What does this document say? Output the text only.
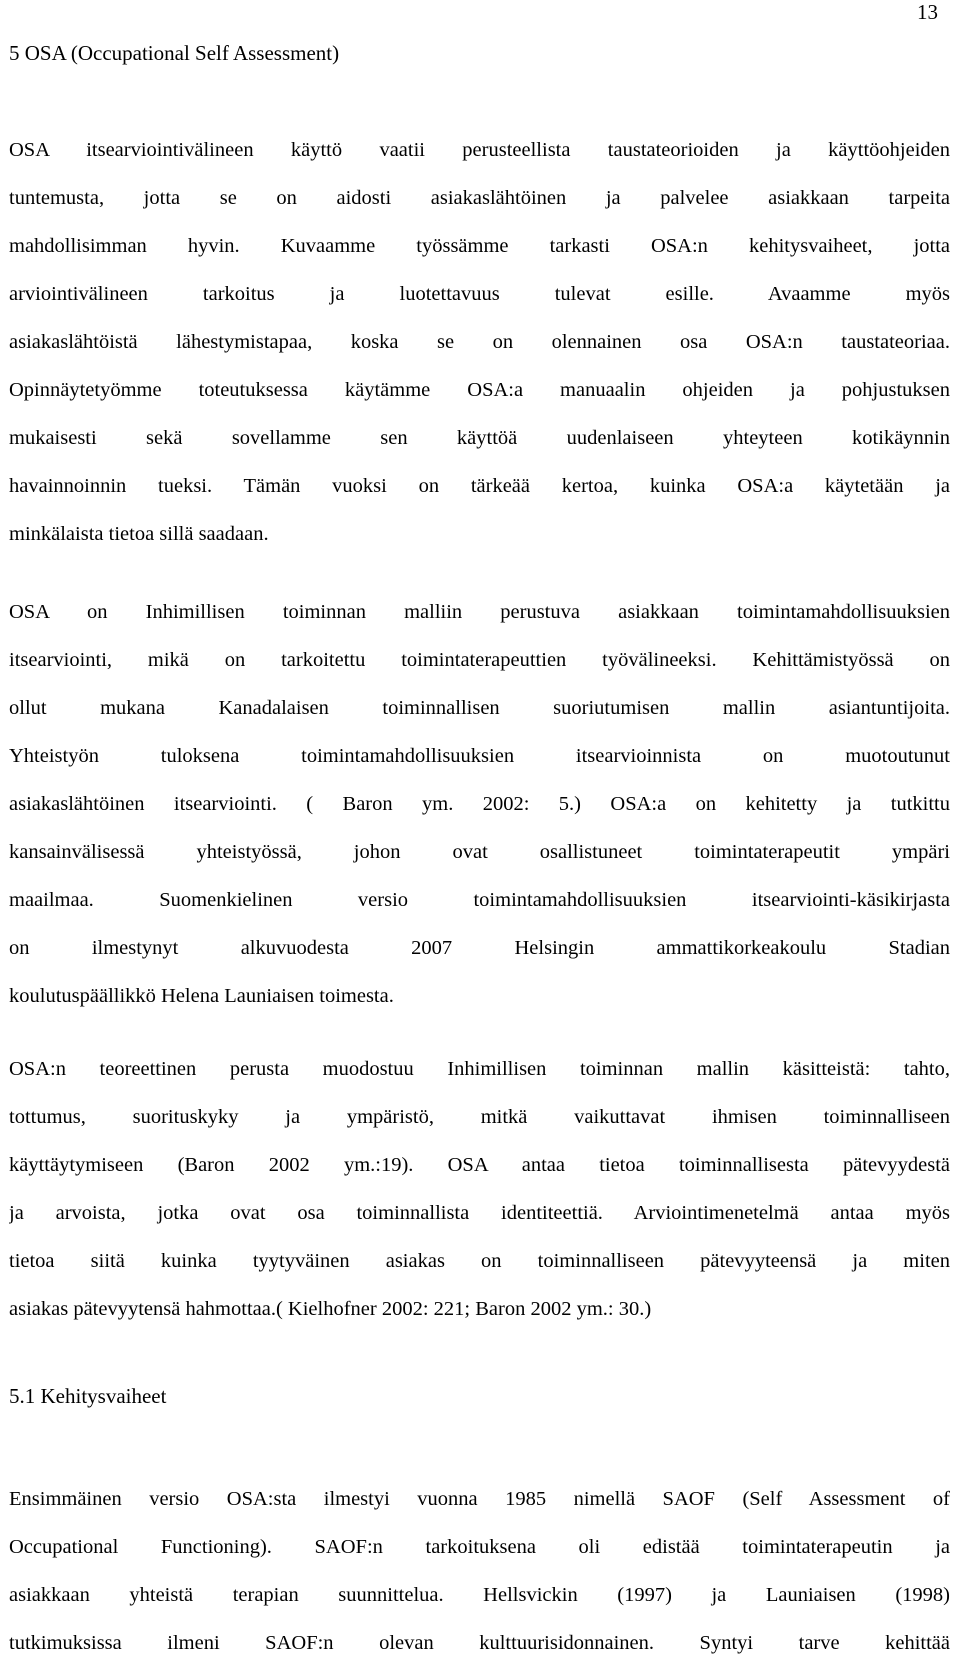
13
5 OSA (Occupational Self Assessment)
OSA itsearviointivälineen käyttö vaatii perusteellista taustateorioiden ja käyttöohjeiden
tuntemusta, jotta se on aidosti asiakaslähtöinen ja palvelee asiakkaan tarpeita
mahdollisimman hyvin. Kuvaamme työssämme tarkasti OSA:n kehitysvaiheet, jotta
arviointivälineen tarkoitus ja luotettavuus tulevat esille. Avaamme myös
asiakaslähtöistä lähestymistapaa, koska se on olennainen osa OSA:n taustateoriaa.
Opinnäytetyömme toteutuksessa käytämme OSA:a manuaalin ohjeiden ja pohjustuksen
mukaisesti sekä sovellamme sen käyttöä uudenlaiseen yhteyteen kotikäynnin
havainnoinnin tueksi. Tämän vuoksi on tärkeää kertoa, kuinka OSA:a käytetään ja
minkälaista tietoa sillä saadaan.
OSA on Inhimillisen toiminnan malliin perustuva asiakkaan toimintamahdollisuuksien
itsearviointi, mikä on tarkoitettu toimintaterapeuttien työvälineeksi. Kehittämistyössä on
ollut mukana Kanadalaisen toiminnallisen suoriutumisen mallin asiantuntijoita.
Yhteistyön tuloksena toimintamahdollisuuksien itsearvioinnista on muotoutunut
asiakaslähtöinen itsearviointi. ( Baron ym. 2002: 5.) OSA:a on kehitetty ja tutkittu
kansainvälisessä yhteistyössä, johon ovat osallistuneet toimintaterapeutit ympäri
maailmaa. Suomenkielinen versio toimintamahdollisuuksien itsearviointi-käsikirjasta
on ilmestynyt alkuvuodesta 2007 Helsingin ammattikorkeakoulu Stadian
koulutuspäällikkö Helena Launiaisen toimesta.
OSA:n teoreettinen perusta muodostuu Inhimillisen toiminnan mallin käsitteistä: tahto,
tottumus, suorituskyky ja ympäristö, mitkä vaikuttavat ihmisen toiminnalliseen
käyttäytymiseen (Baron 2002 ym.:19). OSA antaa tietoa toiminnallisesta pätevyydestä
ja arvoista, jotka ovat osa toiminnallista identiteettiä. Arviointimenetelmä antaa myös
tietoa siitä kuinka tyytyväinen asiakas on toiminnalliseen pätevyyteensä ja miten
asiakas pätevyytensä hahmottaa.( Kielhofner 2002: 221; Baron 2002 ym.: 30.)
5.1 Kehitysvaiheet
Ensimmäinen versio OSA:sta ilmestyi vuonna 1985 nimellä SAOF (Self Assessment of
Occupational Functioning). SAOF:n tarkoituksena oli edistää toimintaterapeutin ja
asiakkaan yhteistä terapian suunnittelua. Hellsvickin (1997) ja Launiaisen (1998)
tutkimuksissa ilmeni SAOF:n olevan kulttuurisidonnainen. Syntyi tarve kehittää
